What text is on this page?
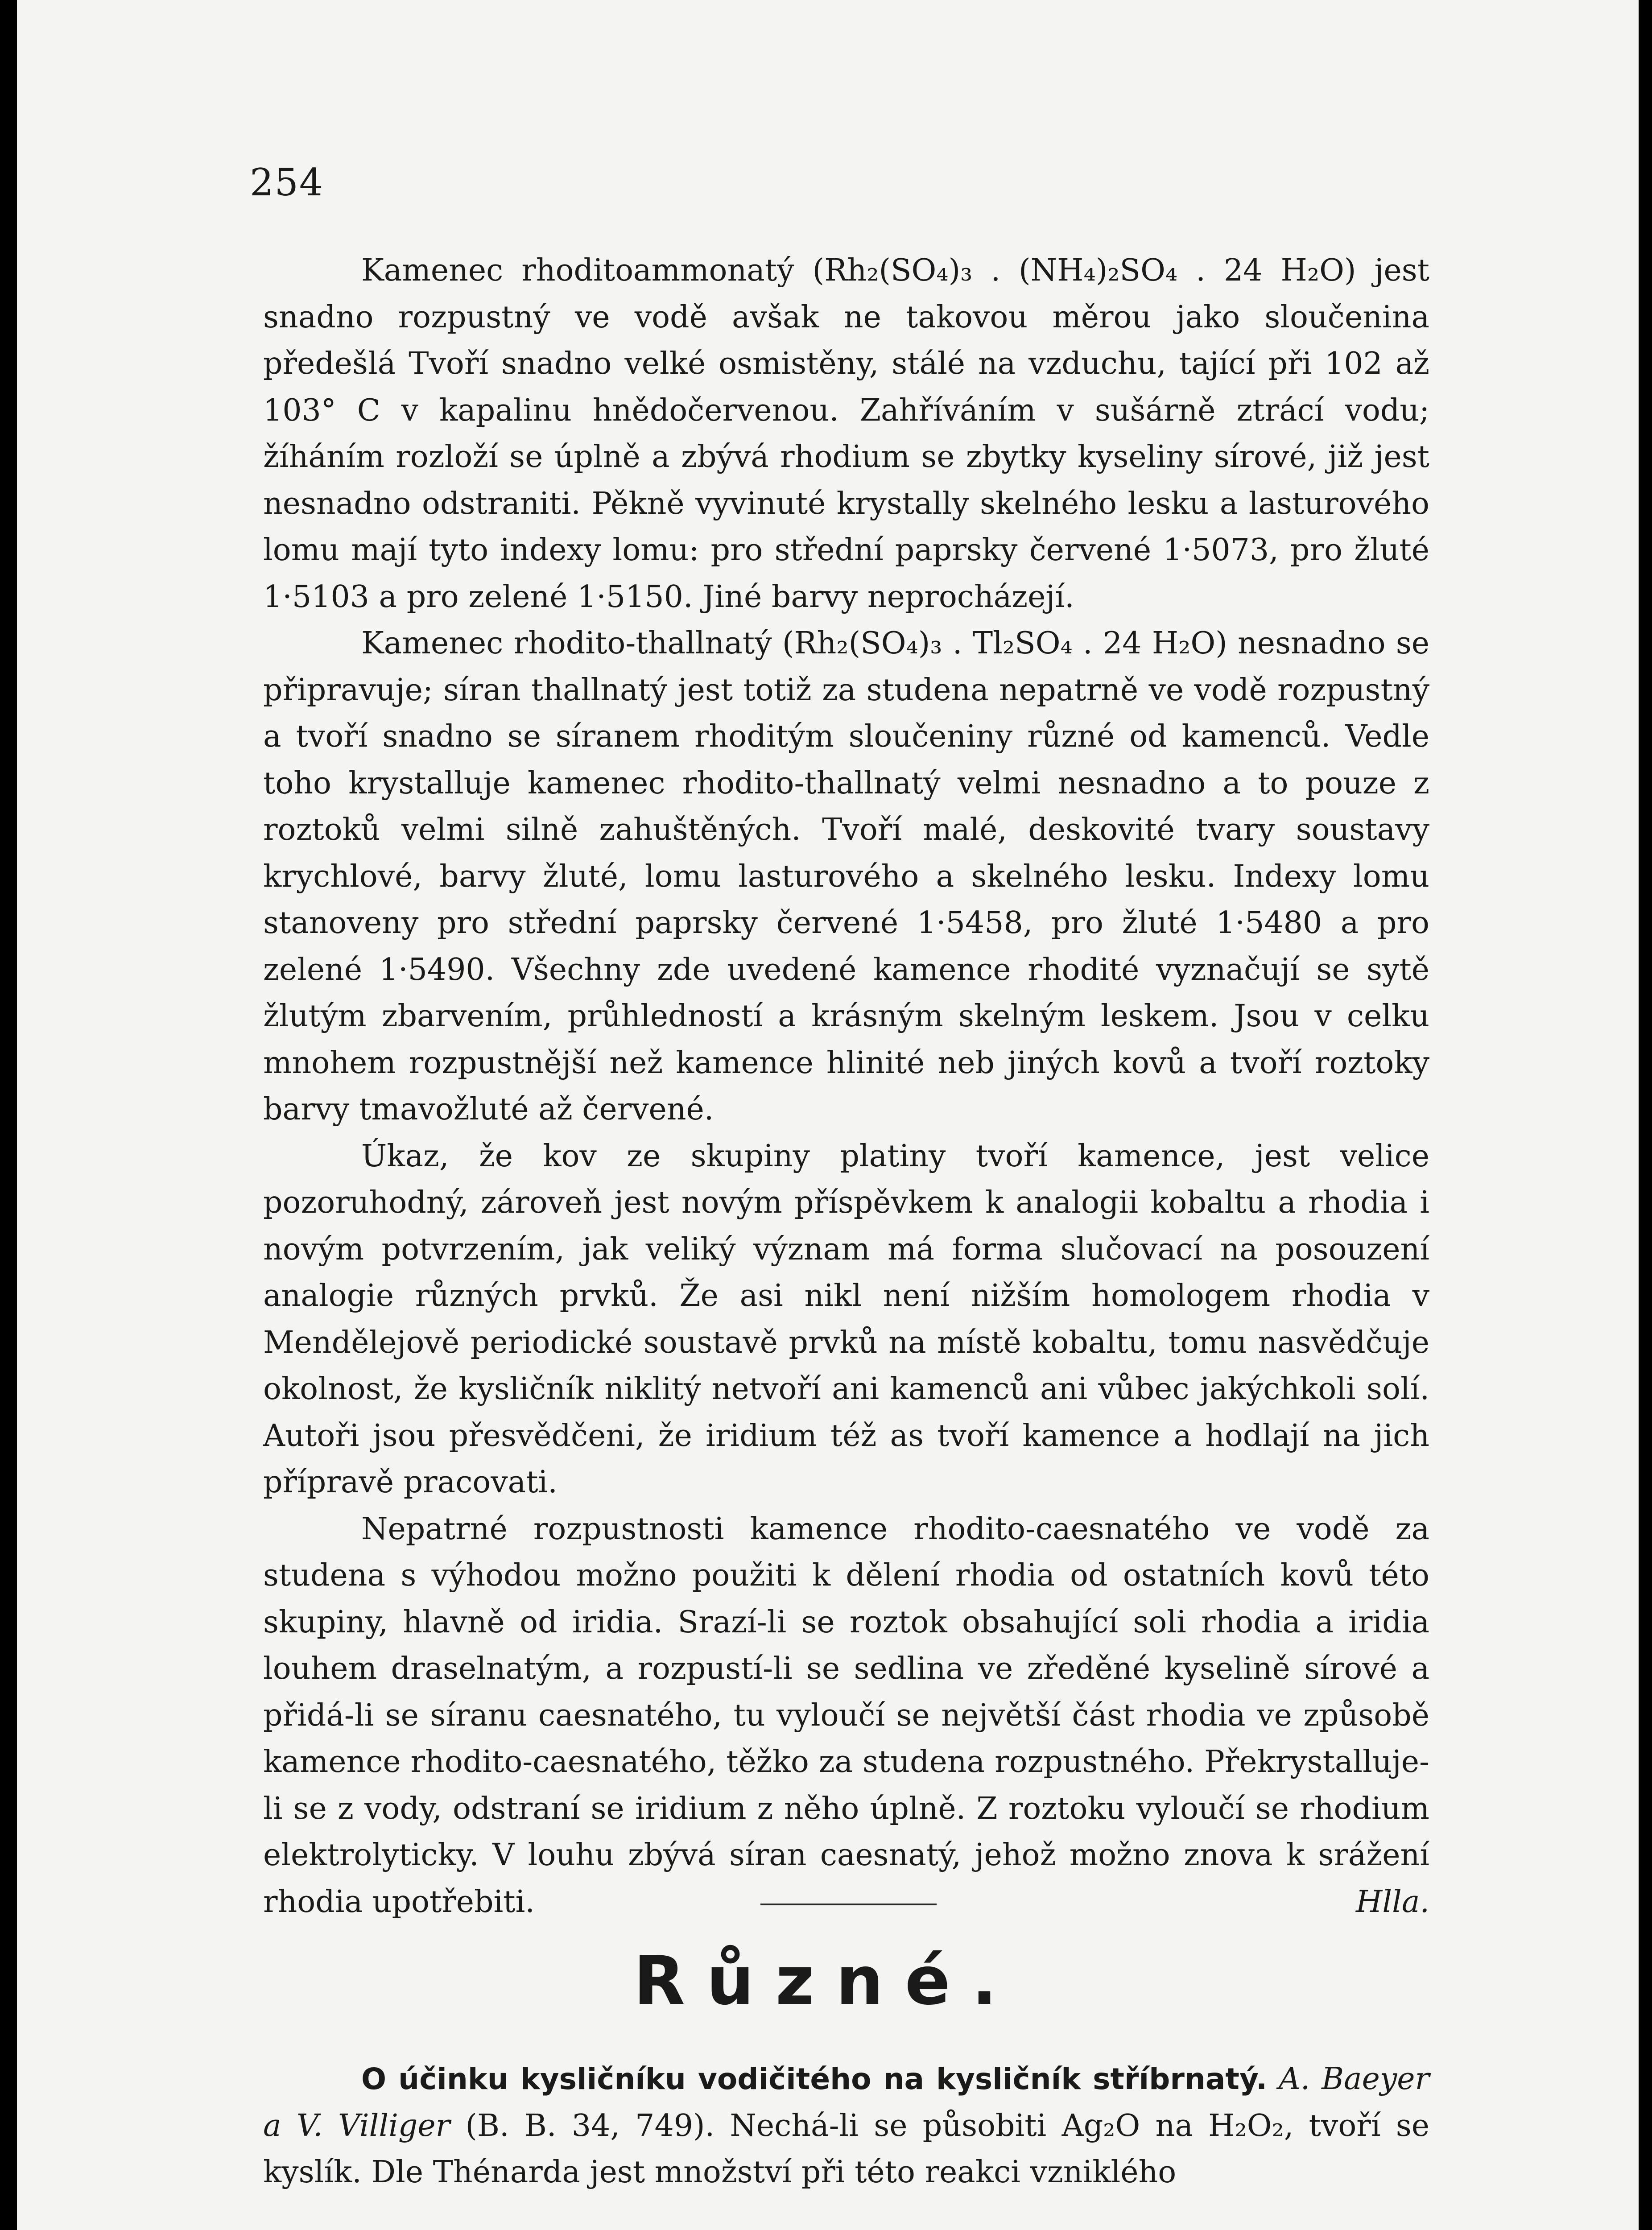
254

Kamenec rhoditoammonatý (Rh₂(SO₄)₃ . (NH₄)₂SO₄ . 24 H₂O) jest snadno rozpustný ve vodě avšak ne takovou měrou jako sloučenina předešlá Tvoří snadno velké osmistěny, stálé na vzduchu, tající při 102 až 103° C v kapalinu hnědočervenou. Zahříváním v sušárně ztrácí vodu; žíháním rozloží se úplně a zbývá rhodium se zbytky kyseliny sírové, již jest nesnadno odstraniti. Pěkně vyvinuté krystally skelného lesku a lasturového lomu mají tyto indexy lomu: pro střední paprsky červené 1·5073, pro žluté 1·5103 a pro zelené 1·5150. Jiné barvy neprocházejí.

Kamenec rhodito-thallnatý (Rh₂(SO₄)₃ . Tl₂SO₄ . 24 H₂O) nesnadno se připravuje; síran thallnatý jest totiž za studena nepatrně ve vodě rozpustný a tvoří snadno se síranem rhoditým sloučeniny různé od kamenců. Vedle toho krystalluje kamenec rhodito-thallnatý velmi nesnadno a to pouze z roztoků velmi silně zahuštěných. Tvoří malé, deskovité tvary soustavy krychlové, barvy žluté, lomu lasturového a skelného lesku. Indexy lomu stanoveny pro střední paprsky červené 1·5458, pro žluté 1·5480 a pro zelené 1·5490. Všechny zde uvedené kamence rhodité vyznačují se sytě žlutým zbarvením, průhledností a krásným skelným leskem. Jsou v celku mnohem rozpustnější než kamence hlinité neb jiných kovů a tvoří roztoky barvy tmavožluté až červené.

Úkaz, že kov ze skupiny platiny tvoří kamence, jest velice pozoruhodný, zároveň jest novým příspěvkem k analogii kobaltu a rhodia i novým potvrzením, jak veliký význam má forma slučovací na posouzení analogie různých prvků. Že asi nikl není nižším homologem rhodia v Mendělejově periodické soustavě prvků na místě kobaltu, tomu nasvědčuje okolnost, že kysličník niklitý netvoří ani kamenců ani vůbec jakýchkoli solí. Autoři jsou přesvědčeni, že iridium též as tvoří kamence a hodlají na jich přípravě pracovati.

Nepatrné rozpustnosti kamence rhodito-caesnatého ve vodě za studena s výhodou možno použiti k dělení rhodia od ostatních kovů této skupiny, hlavně od iridia. Srazí-li se roztok obsahující soli rhodia a iridia louhem draselnatým, a rozpustí-li se sedlina ve zředěné kyselině sírové a přidá-li se síranu caesnatého, tu vyloučí se největší část rhodia ve způsobě kamence rhodito-caesnatého, těžko za studena rozpustného. Překrystalluje-li se z vody, odstraní se iridium z něho úplně. Z roztoku vyloučí se rhodium elektrolyticky. V louhu zbývá síran caesnatý, jehož možno znova k srážení rhodia upotřebiti.	Hlla.
Různé.

O účinku kysličníku vodičitého na kysličník stříbrnatý. A. Baeyer a V. Villiger (B. B. 34, 749). Nechá-li se působiti Ag₂O na H₂O₂, tvoří se kyslík. Dle Thénarda jest množství při této reakci vzniklého
